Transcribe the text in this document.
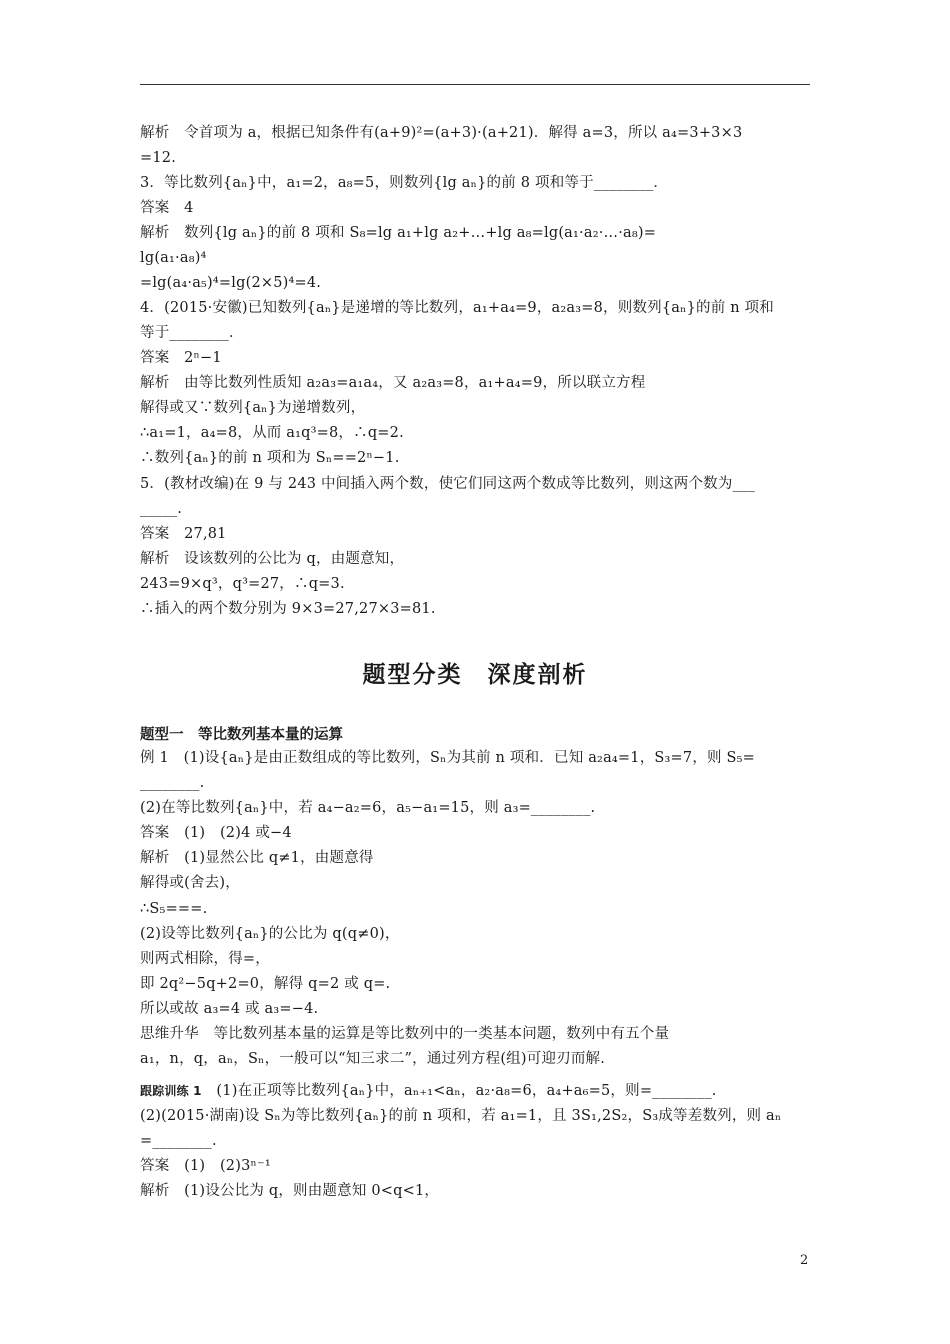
解析　令首项为 a，根据已知条件有(a+9)²=(a+3)·(a+21)．解得 a=3，所以 a₄=3+3×3
=12.
3．等比数列{aₙ}中，a₁=2，a₈=5，则数列{lg aₙ}的前 8 项和等于________．
答案　4
解析　数列{lg aₙ}的前 8 项和 S₈=lg a₁+lg a₂+…+lg a₈=lg(a₁·a₂·…·a₈)=
lg(a₁·a₈)⁴
=lg(a₄·a₅)⁴=lg(2×5)⁴=4.
4．(2015·安徽)已知数列{aₙ}是递增的等比数列，a₁+a₄=9，a₂a₃=8，则数列{aₙ}的前 n 项和
等于________．
答案　2ⁿ−1
解析　由等比数列性质知 a₂a₃=a₁a₄，又 a₂a₃=8，a₁+a₄=9，所以联立方程
解得或又∵数列{aₙ}为递增数列，
∴a₁=1，a₄=8，从而 a₁q³=8，∴q=2.
∴数列{aₙ}的前 n 项和为 Sₙ==2ⁿ−1.
5．(教材改编)在 9 与 243 中间插入两个数，使它们同这两个数成等比数列，则这两个数为___
_____.
答案　27,81
解析　设该数列的公比为 q，由题意知，
243=9×q³，q³=27，∴q=3.
∴插入的两个数分别为 9×3=27,27×3=81.
题型分类　深度剖析
题型一　等比数列基本量的运算
例 1　(1)设{aₙ}是由正数组成的等比数列，Sₙ为其前 n 项和．已知 a₂a₄=1，S₃=7，则 S₅=
________.
(2)在等比数列{aₙ}中，若 a₄−a₂=6，a₅−a₁=15，则 a₃=________.
答案　(1)　(2)4 或−4
解析　(1)显然公比 q≠1，由题意得
解得或(舍去)，
∴S₅===.
(2)设等比数列{aₙ}的公比为 q(q≠0)，
则两式相除，得=，
即 2q²−5q+2=0，解得 q=2 或 q=.
所以或故 a₃=4 或 a₃=−4.
思维升华　等比数列基本量的运算是等比数列中的一类基本问题，数列中有五个量
a₁，n，q，aₙ，Sₙ，一般可以“知三求二”，通过列方程(组)可迎刃而解.
跟踪训练 1　(1)在正项等比数列{aₙ}中，aₙ₊₁<aₙ，a₂·a₈=6，a₄+a₆=5，则=________.
(2)(2015·湖南)设 Sₙ为等比数列{aₙ}的前 n 项和，若 a₁=1，且 3S₁,2S₂，S₃成等差数列，则 aₙ
=________.
答案　(1)　(2)3ⁿ⁻¹
解析　(1)设公比为 q，则由题意知 0<q<1，
2
